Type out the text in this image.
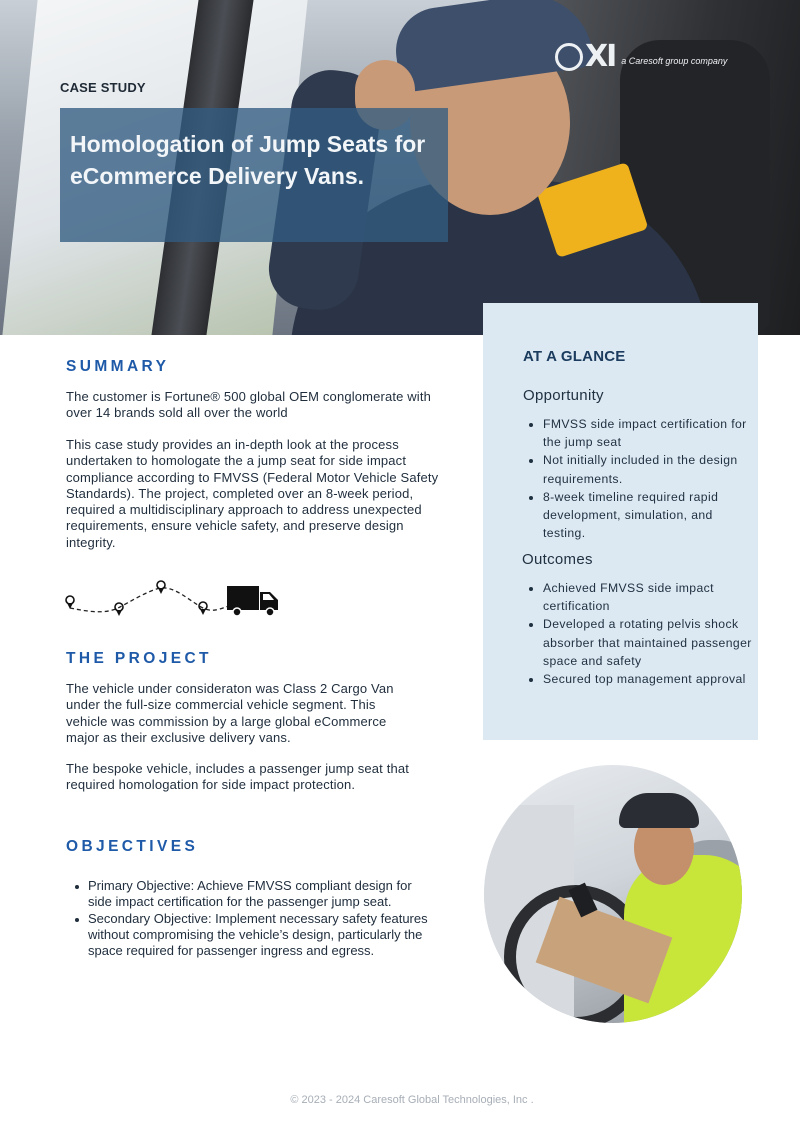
XI a Caresoft group company
CASE STUDY
Homologation of Jump Seats for eCommerce Delivery Vans.
AT A GLANCE
Opportunity
FMVSS side impact certification for the jump seat
Not initially included in the design requirements.
8-week timeline required rapid development, simulation, and testing.
Outcomes
Achieved FMVSS side impact certification
Developed a rotating pelvis shock absorber that maintained passenger space and safety
Secured top management approval
SUMMARY

The customer is Fortune® 500 global OEM conglomerate with over 14 brands sold all over the world

This case study provides an in-depth look at the process undertaken to homologate the a jump seat for side impact compliance according to FMVSS (Federal Motor Vehicle Safety Standards). The project, completed over an 8-week period, required a multidisciplinary approach to address unexpected requirements, ensure vehicle safety, and preserve design integrity.

THE PROJECT

The vehicle under consideraton was Class 2 Cargo Van under the full-size commercial vehicle segment. This vehicle was commission by a large global eCommerce major as their exclusive delivery vans.

The bespoke vehicle, includes a passenger jump seat that required homologation for side impact protection.

OBJECTIVES
Primary Objective: Achieve FMVSS compliant design for side impact certification for the passenger jump seat.
Secondary Objective: Implement necessary safety features without compromising the vehicle’s design, particularly the space required for passenger ingress and egress.
© 2023 - 2024 Caresoft Global Technologies, Inc .
